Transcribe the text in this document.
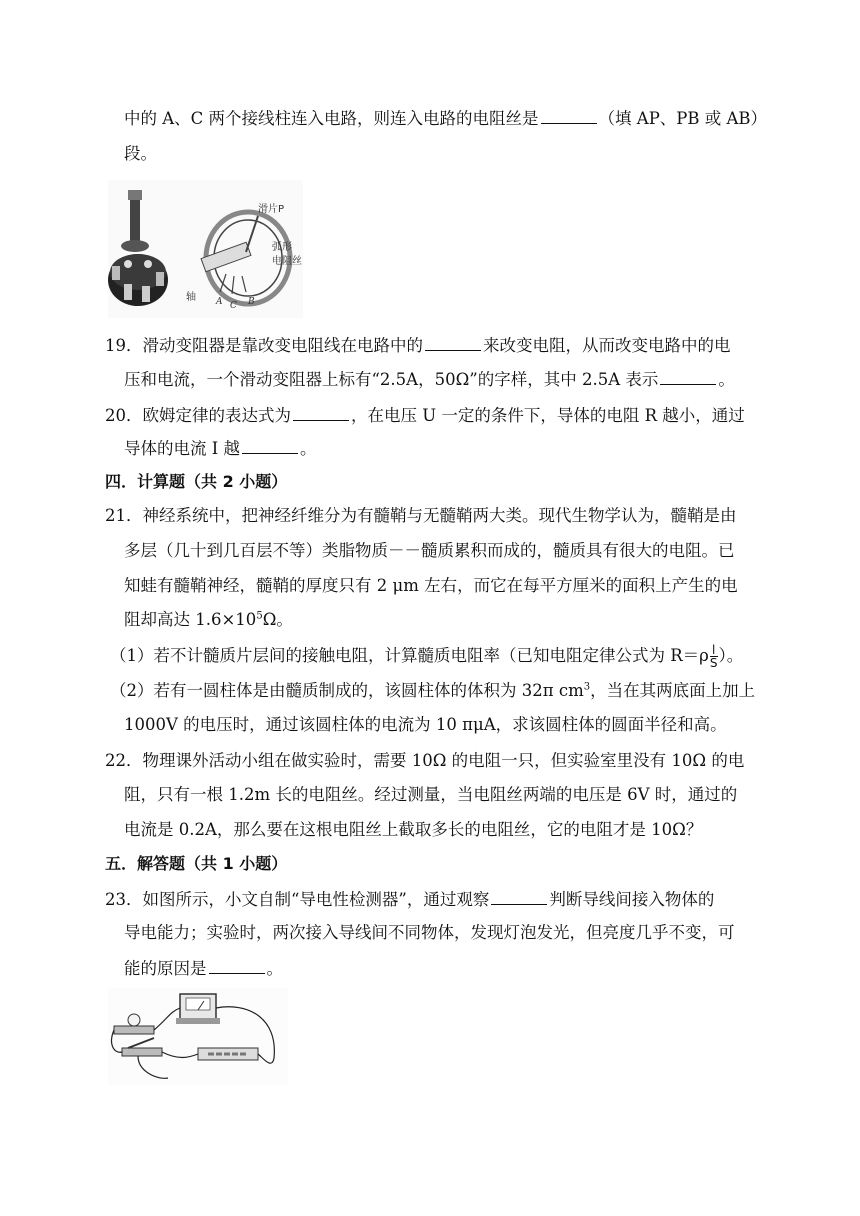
中的 A、C 两个接线柱连入电路，则连入电路的电阻丝是	（填 AP、PB 或 AB）
段。
滑片P
弧形
电阻丝
轴 A C B
19．滑动变阻器是靠改变电阻线在电路中的	来改变电阻，从而改变电路中的电
压和电流，一个滑动变阻器上标有“2.5A，50Ω”的字样，其中 2.5A 表示	。
20．欧姆定律的表达式为	，在电压 U 一定的条件下，导体的电阻 R 越小，通过
导体的电流 I 越	。
四．计算题（共 2 小题）
21．神经系统中，把神经纤维分为有髓鞘与无髓鞘两大类。现代生物学认为，髓鞘是由
多层（几十到几百层不等）类脂物质－－髓质累积而成的，髓质具有很大的电阻。已
知蛙有髓鞘神经，髓鞘的厚度只有 2 μm 左右，而它在每平方厘米的面积上产生的电
阻却高达 $1.6\times 10^5\Omega$。
（1）若不计髓质片层间的接触电阻，计算髓质电阻率（已知电阻定律公式为 $R=\rho \frac{l}{S}$ ）。
（2）若有一圆柱体是由髓质制成的，该圆柱体的体积为 32π $cm^3$，当在其两底面上加上
1000V 的电压时，通过该圆柱体的电流为 10 πμA，求该圆柱体的圆面半径和高。
22．物理课外活动小组在做实验时，需要 10Ω 的电阻一只，但实验室里没有 10Ω 的电
阻，只有一根 1.2m 长的电阻丝。经过测量，当电阻丝两端的电压是 6V 时，通过的
电流是 0.2A，那么要在这根电阻丝上截取多长的电阻丝，它的电阻才是 10Ω？
五．解答题（共 1 小题）
23．如图所示，小文自制“导电性检测器”，通过观察	判断导线间接入物体的
导电能力；实验时，两次接入导线间不同物体，发现灯泡发光，但亮度几乎不变，可
能的原因是	。
